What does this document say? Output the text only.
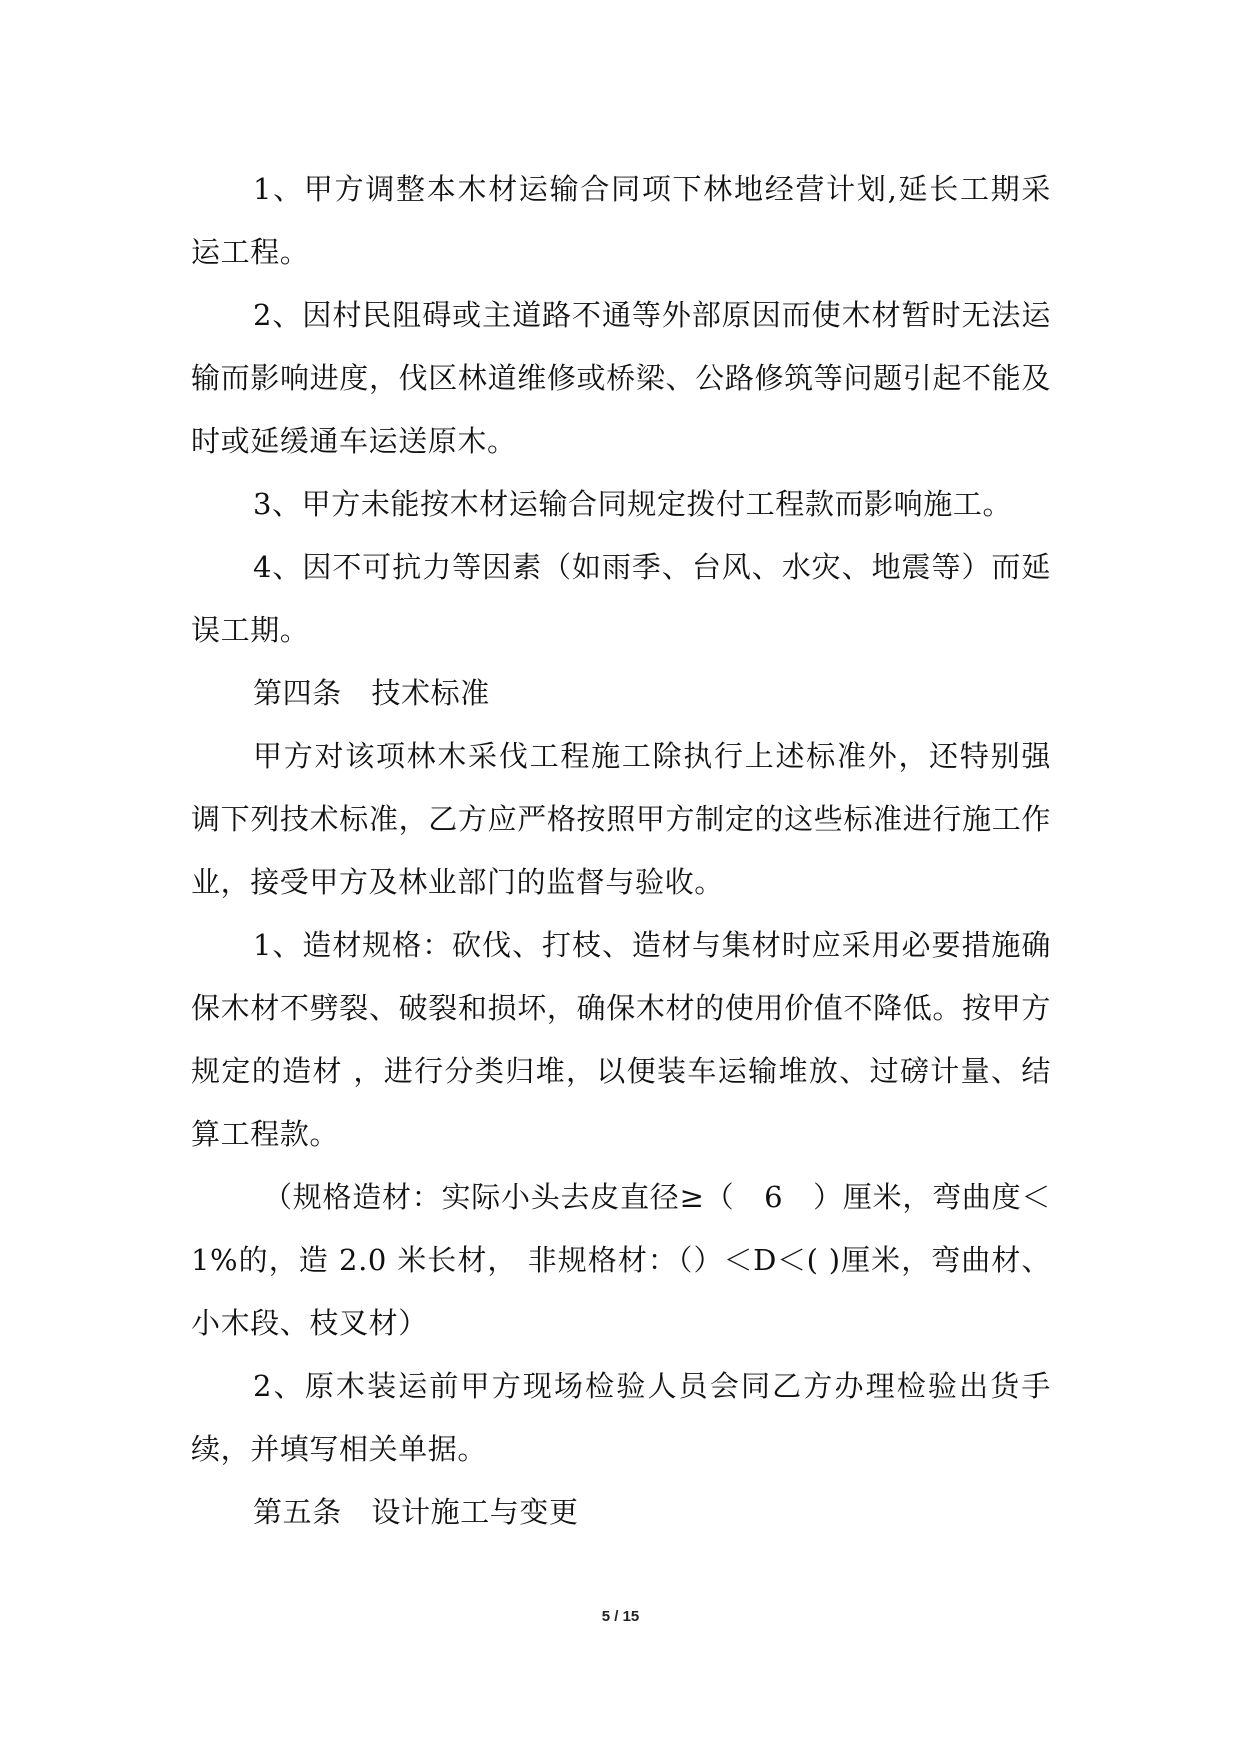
1、甲方调整本木材运输合同项下林地经营计划,延长工期采运工程。

2、因村民阻碍或主道路不通等外部原因而使木材暂时无法运输而影响进度，伐区林道维修或桥梁、公路修筑等问题引起不能及时或延缓通车运送原木。

3、甲方未能按木材运输合同规定拨付工程款而影响施工。

4、因不可抗力等因素（如雨季、台风、水灾、地震等）而延误工期。

第四条　技术标准

甲方对该项林木采伐工程施工除执行上述标准外，还特别强调下列技术标准，乙方应严格按照甲方制定的这些标准进行施工作业，接受甲方及林业部门的监督与验收。

1、造材规格：砍伐、打枝、造材与集材时应采用必要措施确保木材不劈裂、破裂和损坏，确保木材的使用价值不降低。按甲方规定的造材 ，进行分类归堆，以便装车运输堆放、过磅计量、结算工程款。

（规格造材：实际小头去皮直径≥（　6　）厘米，弯曲度＜1%的，造 2.0 米长材， 非规格材：（）＜D＜( )厘米，弯曲材、小木段、枝叉材）

2、原木装运前甲方现场检验人员会同乙方办理检验出货手续，并填写相关单据。

第五条　设计施工与变更

5 / 15
